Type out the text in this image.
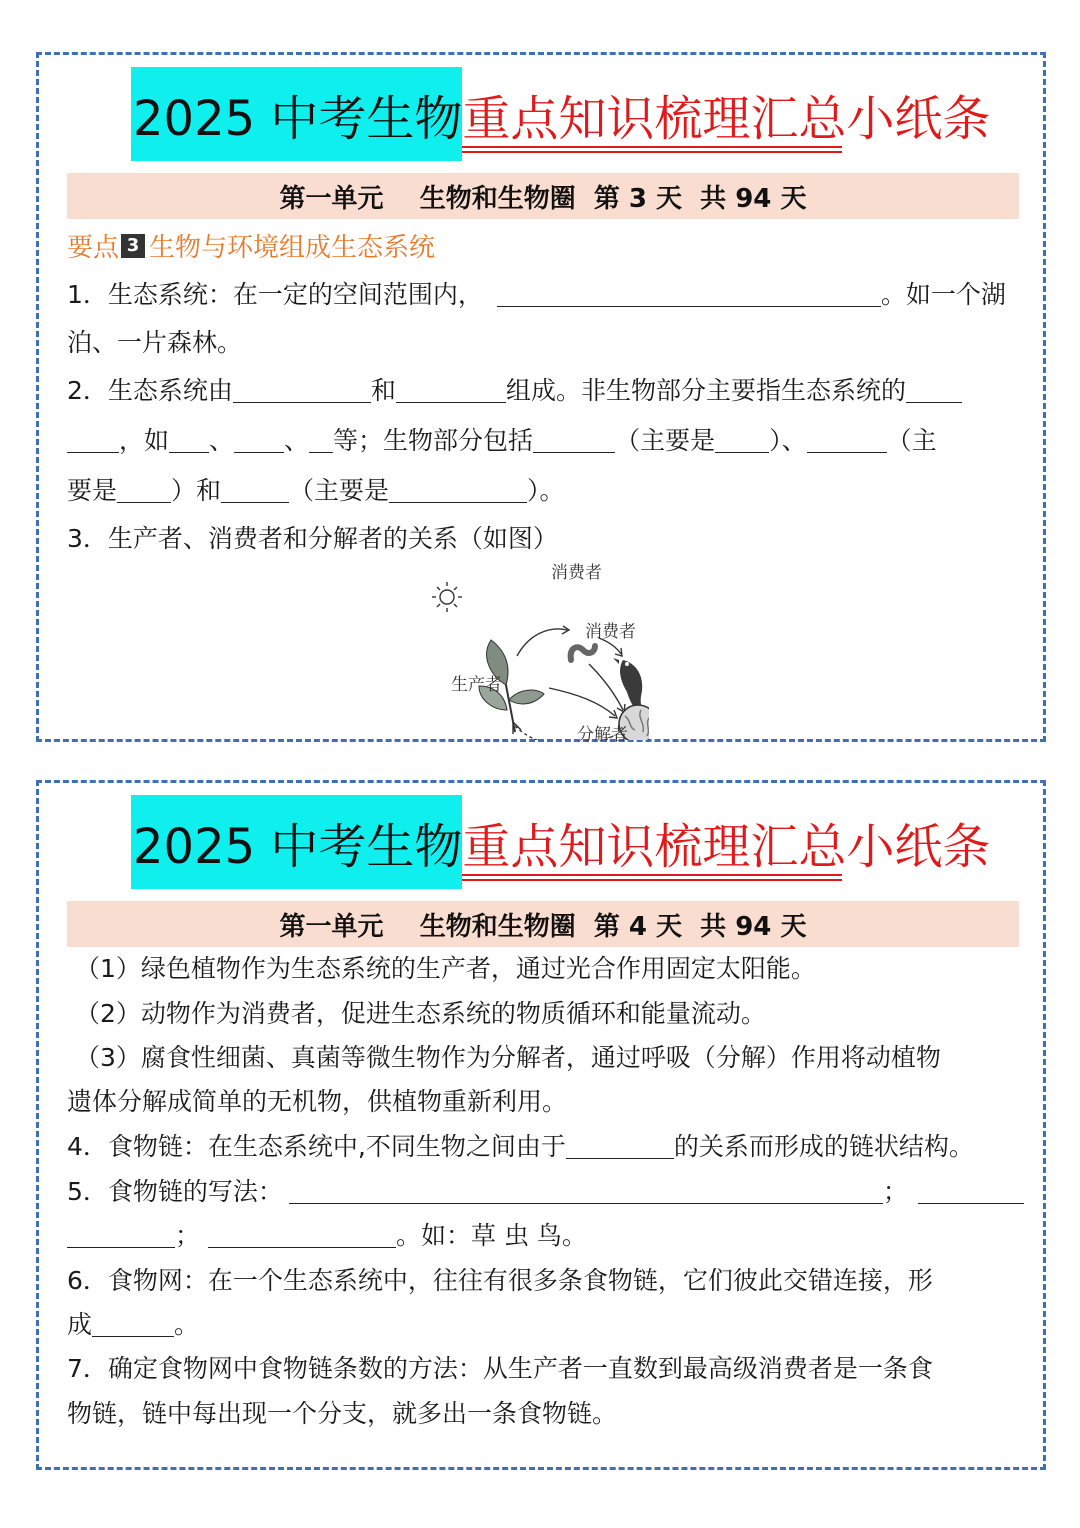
2025 中考生物 重点知识梳理汇总小纸条
第一单元    生物和生物圈  第 3 天  共 94 天
要点 3 生物与环境组成生态系统
1．生态系统：在一定的空间范围内，	。如一个湖
泊、一片森林。
2．生态系统由	和	组成。非生物部分主要指生态系统的
，如 、 、 等；生物部分包括	（主要是 ）、	（主
要是 ）和	（主要是	）。
3．生产者、消费者和分解者的关系（如图）
消费者
消费者
生产者
分解者
2025 中考生物 重点知识梳理汇总小纸条
第一单元    生物和生物圈  第 4 天  共 94 天
（1）绿色植物作为生态系统的生产者，通过光合作用固定太阳能。
（2）动物作为消费者，促进生态系统的物质循环和能量流动。
（3）腐食性细菌、真菌等微生物作为分解者，通过呼吸（分解）作用将动植物
遗体分解成简单的无机物，供植物重新利用。
4．食物链：在生态系统中,不同生物之间由于	的关系而形成的链状结构。
5．食物链的写法：	；
；	。如：草 虫 鸟。
6．食物网：在一个生态系统中，往往有很多条食物链，它们彼此交错连接，形
成	。
7．确定食物网中食物链条数的方法：从生产者一直数到最高级消费者是一条食
物链，链中每出现一个分支，就多出一条食物链。
